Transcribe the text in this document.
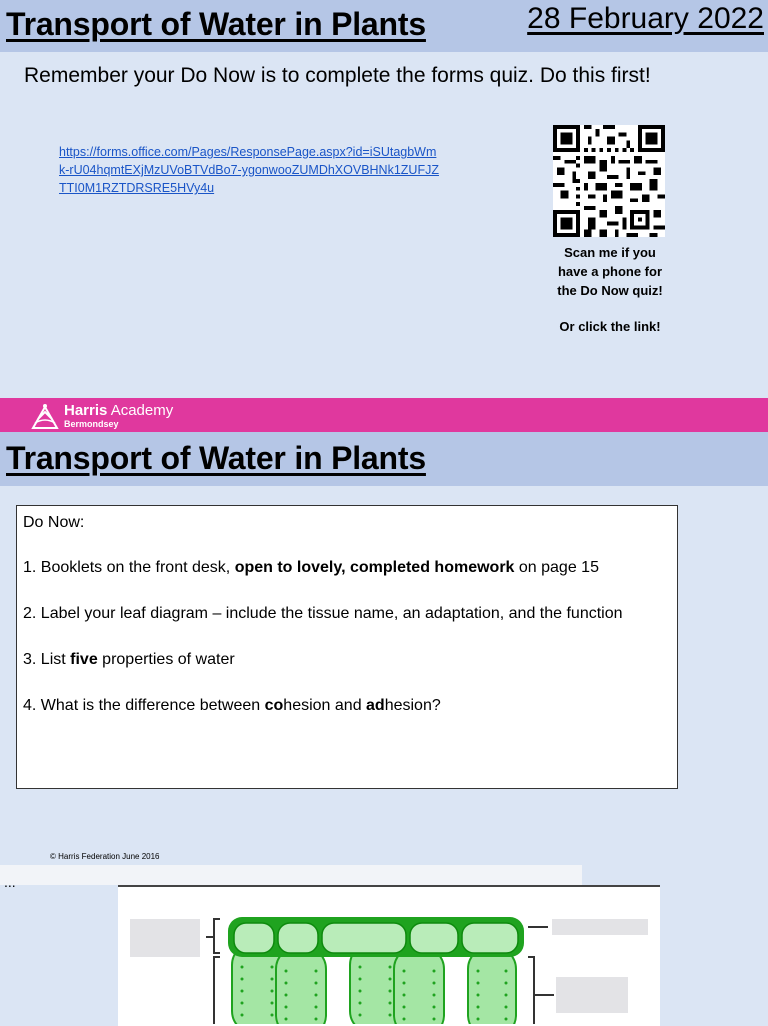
Transport of Water in Plants	28 February 2022
Remember your Do Now is to complete the forms quiz. Do this first!
https://forms.office.com/Pages/ResponsePage.aspx?id=iSUtagbWmk-rU04hqmtEXjMzUVoBTVdBo7-ygonwooZUMDhXOVBHNk1ZUFJZTTI0M1RZTDRSRE5HVy4u
Scan me if you
have a phone for
the Do Now quiz!
Or click the link!
Harris Academy
Bermondsey
Transport of Water in Plants

Do Now:

1. Booklets on the front desk, open to lovely, completed homework on page 15

2. Label your leaf diagram – include the tissue name, an adaptation, and the function

3. List five properties of water

4. What is the difference between cohesion and adhesion?

© Harris Federation June 2016
